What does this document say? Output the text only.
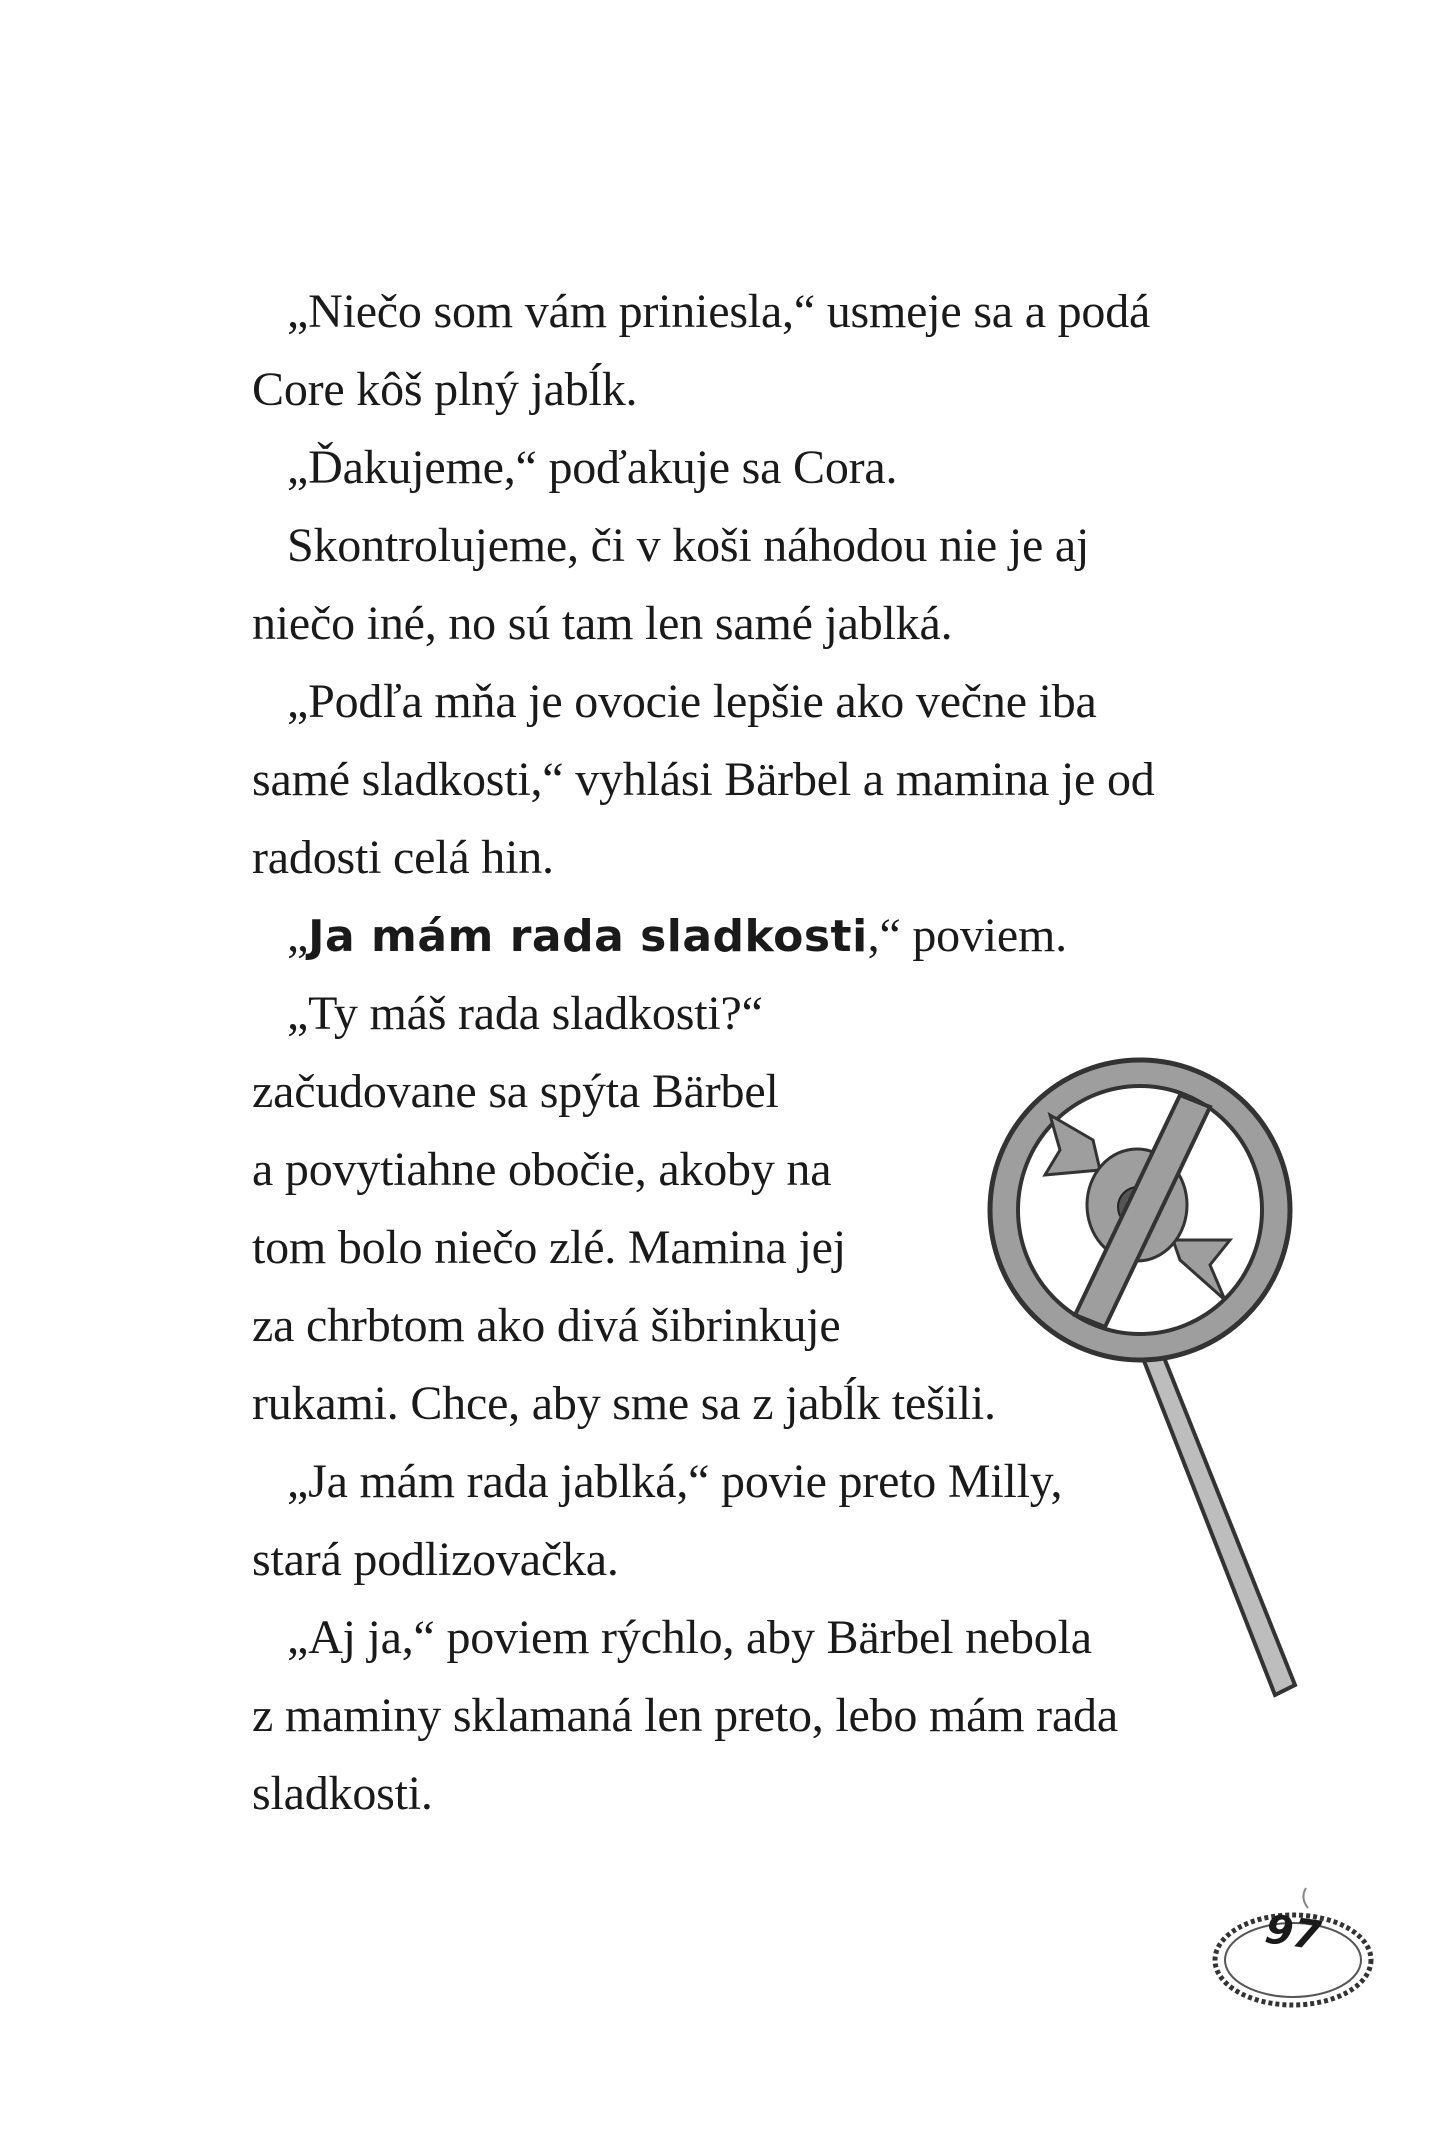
„Niečo som vám priniesla,“ usmeje sa a podá
Core kôš plný jabĺk.
„Ďakujeme,“ poďakuje sa Cora.
Skontrolujeme, či v koši náhodou nie je aj
niečo iné, no sú tam len samé jablká.
„Podľa mňa je ovocie lepšie ako večne iba
samé sladkosti,“ vyhlási Bärbel a mamina je od
radosti celá hin.
„Ja mám rada sladkosti,“ poviem.
„Ty máš rada sladkosti?“
začudovane sa spýta Bärbel
a povytiahne obočie, akoby na
tom bolo niečo zlé. Mamina jej
za chrbtom ako divá šibrinkuje
rukami. Chce, aby sme sa z jabĺk tešili.
„Ja mám rada jablká,“ povie preto Milly,
stará podlizovačka.
„Aj ja,“ poviem rýchlo, aby Bärbel nebola
z maminy sklamaná len preto, lebo mám rada
sladkosti.
97
